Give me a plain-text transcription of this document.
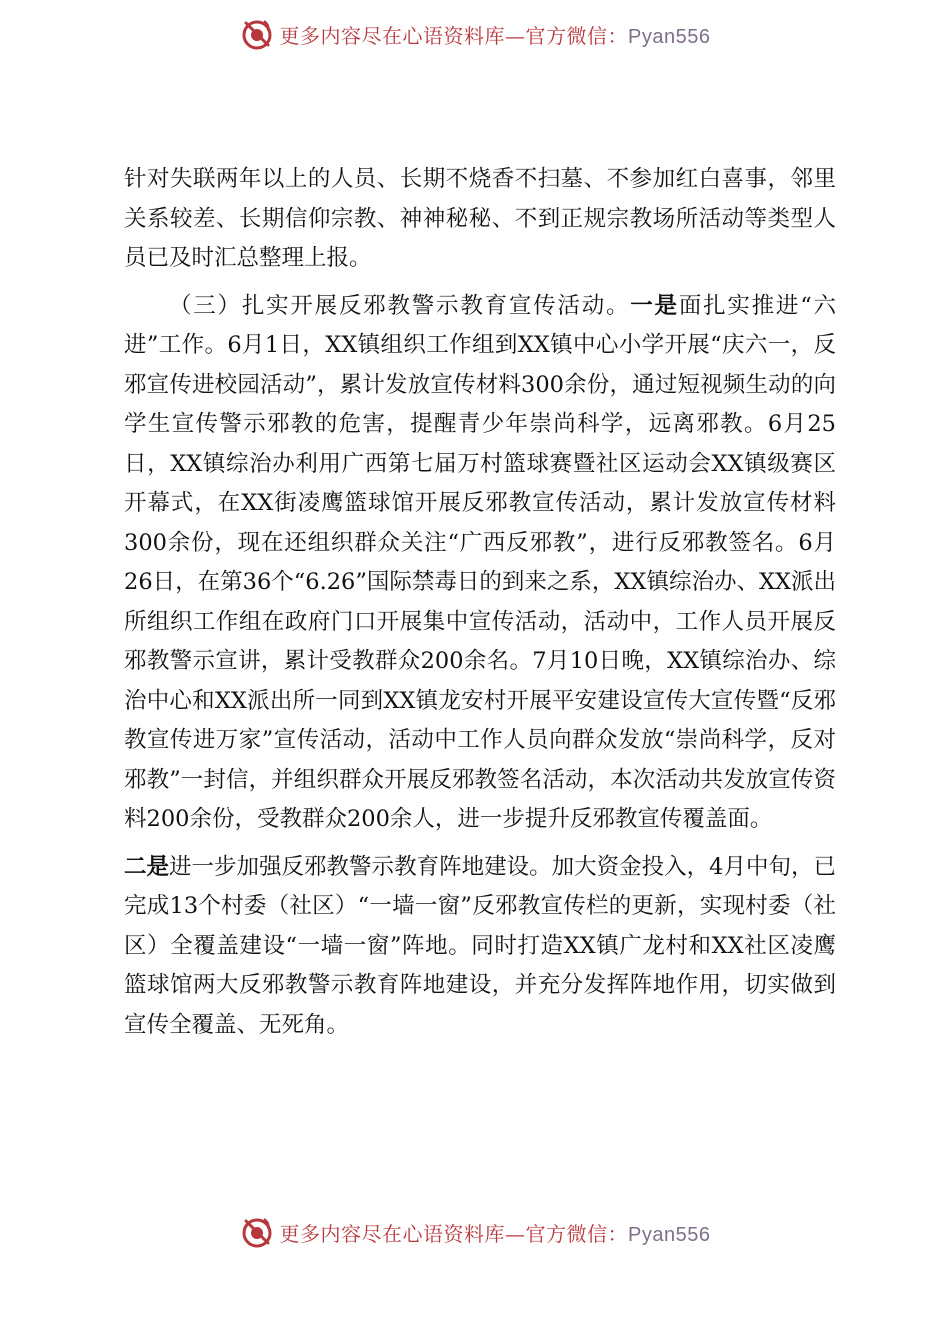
更多内容尽在心语资料库—官方微信：Pyan556

针对失联两年以上的人员、长期不烧香不扫墓、不参加红白喜事，邻里关系较差、长期信仰宗教、神神秘秘、不到正规宗教场所活动等类型人员已及时汇总整理上报。

（三）扎实开展反邪教警示教育宣传活动。一是面扎实推进“六进”工作。6月1日，XX镇组织工作组到XX镇中心小学开展“庆六一，反邪宣传进校园活动”，累计发放宣传材料300余份，通过短视频生动的向学生宣传警示邪教的危害，提醒青少年崇尚科学，远离邪教。6月25日，XX镇综治办利用广西第七届万村篮球赛暨社区运动会XX镇级赛区开幕式，在XX街凌鹰篮球馆开展反邪教宣传活动，累计发放宣传材料300余份，现在还组织群众关注“广西反邪教”，进行反邪教签名。6月26日，在第36个“6.26”国际禁毒日的到来之系，XX镇综治办、XX派出所组织工作组在政府门口开展集中宣传活动，活动中，工作人员开展反邪教警示宣讲，累计受教群众200余名。7月10日晚，XX镇综治办、综治中心和XX派出所一同到XX镇龙安村开展平安建设宣传大宣传暨“反邪教宣传进万家”宣传活动，活动中工作人员向群众发放“崇尚科学，反对邪教”一封信，并组织群众开展反邪教签名活动，本次活动共发放宣传资料200余份，受教群众200余人，进一步提升反邪教宣传覆盖面。

二是进一步加强反邪教警示教育阵地建设。加大资金投入，4月中旬，已完成13个村委（社区）“一墙一窗”反邪教宣传栏的更新，实现村委（社区）全覆盖建设“一墙一窗”阵地。同时打造XX镇广龙村和XX社区凌鹰篮球馆两大反邪教警示教育阵地建设，并充分发挥阵地作用，切实做到宣传全覆盖、无死角。

更多内容尽在心语资料库—官方微信：Pyan556
